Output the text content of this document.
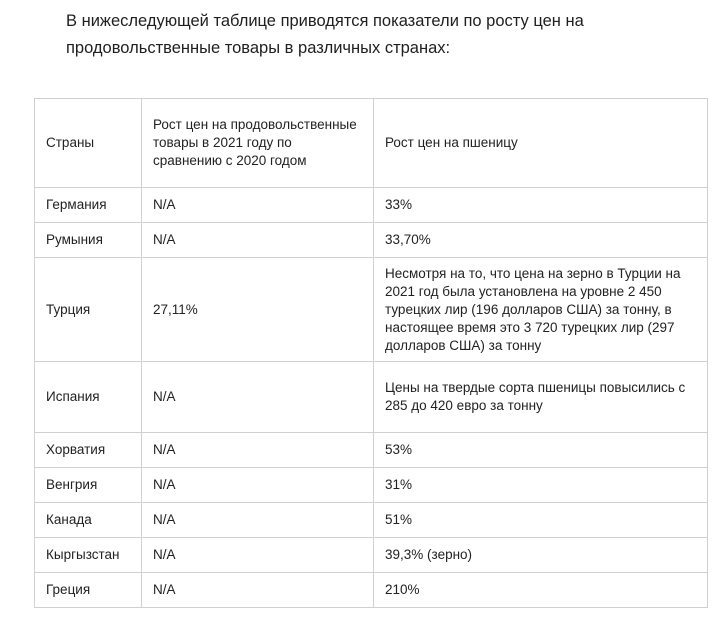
В нижеследующей таблице приводятся показатели по росту цен на
продовольственные товары в различных странах:

Страны	Рост цен на продовольственные товары в 2021 году по сравнению с 2020 годом	Рост цен на пшеницу
Германия	N/A	33%
Румыния	N/A	33,70%
Турция	27,11%	Несмотря на то, что цена на зерно в Турции на 2021 год была установлена на уровне 2 450 турецких лир (196 долларов США) за тонну, в настоящее время это 3 720 турецких лир (297 долларов США) за тонну
Испания	N/A	Цены на твердые сорта пшеницы повысились с 285 до 420 евро за тонну
Хорватия	N/A	53%
Венгрия	N/A	31%
Канада	N/A	51%
Кыргызстан	N/A	39,3% (зерно)
Греция	N/A	210%
